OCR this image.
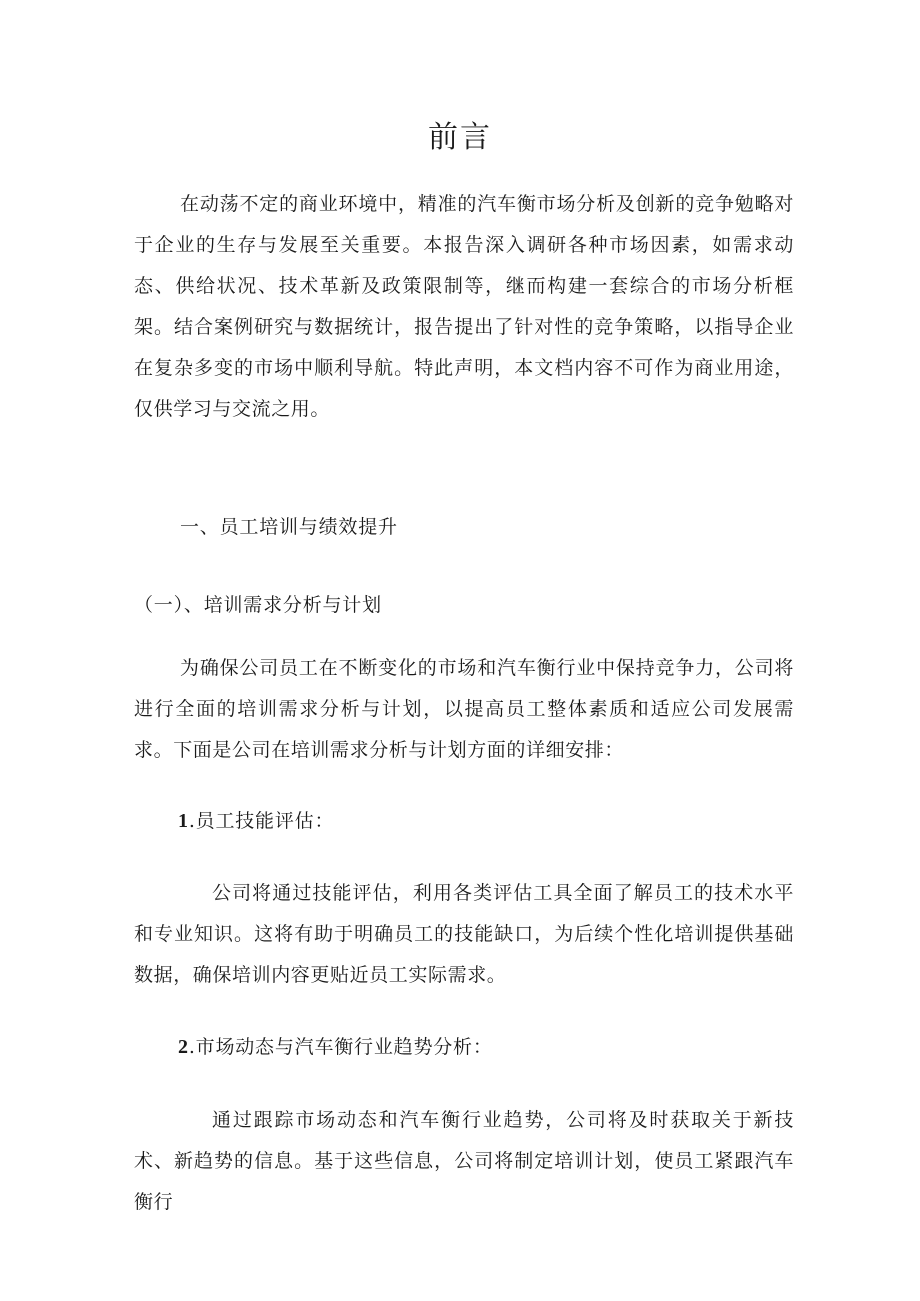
前言

在动荡不定的商业环境中，精准的汽车衡市场分析及创新的竞争勉略对于企业的生存与发展至关重要。本报告深入调研各种市场因素，如需求动态、供给状况、技术革新及政策限制等，继而构建一套综合的市场分析框架。结合案例研究与数据统计，报告提出了针对性的竞争策略，以指导企业在复杂多变的市场中顺利导航。特此声明，本文档内容不可作为商业用途，仅供学习与交流之用。

一、员工培训与绩效提升

（一）、培训需求分析与计划

为确保公司员工在不断变化的市场和汽车衡行业中保持竞争力，公司将进行全面的培训需求分析与计划，以提高员工整体素质和适应公司发展需求。下面是公司在培训需求分析与计划方面的详细安排：

1.员工技能评估：

公司将通过技能评估，利用各类评估工具全面了解员工的技术水平和专业知识。这将有助于明确员工的技能缺口，为后续个性化培训提供基础数据，确保培训内容更贴近员工实际需求。

2.市场动态与汽车衡行业趋势分析：

通过跟踪市场动态和汽车衡行业趋势，公司将及时获取关于新技术、新趋势的信息。基于这些信息，公司将制定培训计划，使员工紧跟汽车衡行
